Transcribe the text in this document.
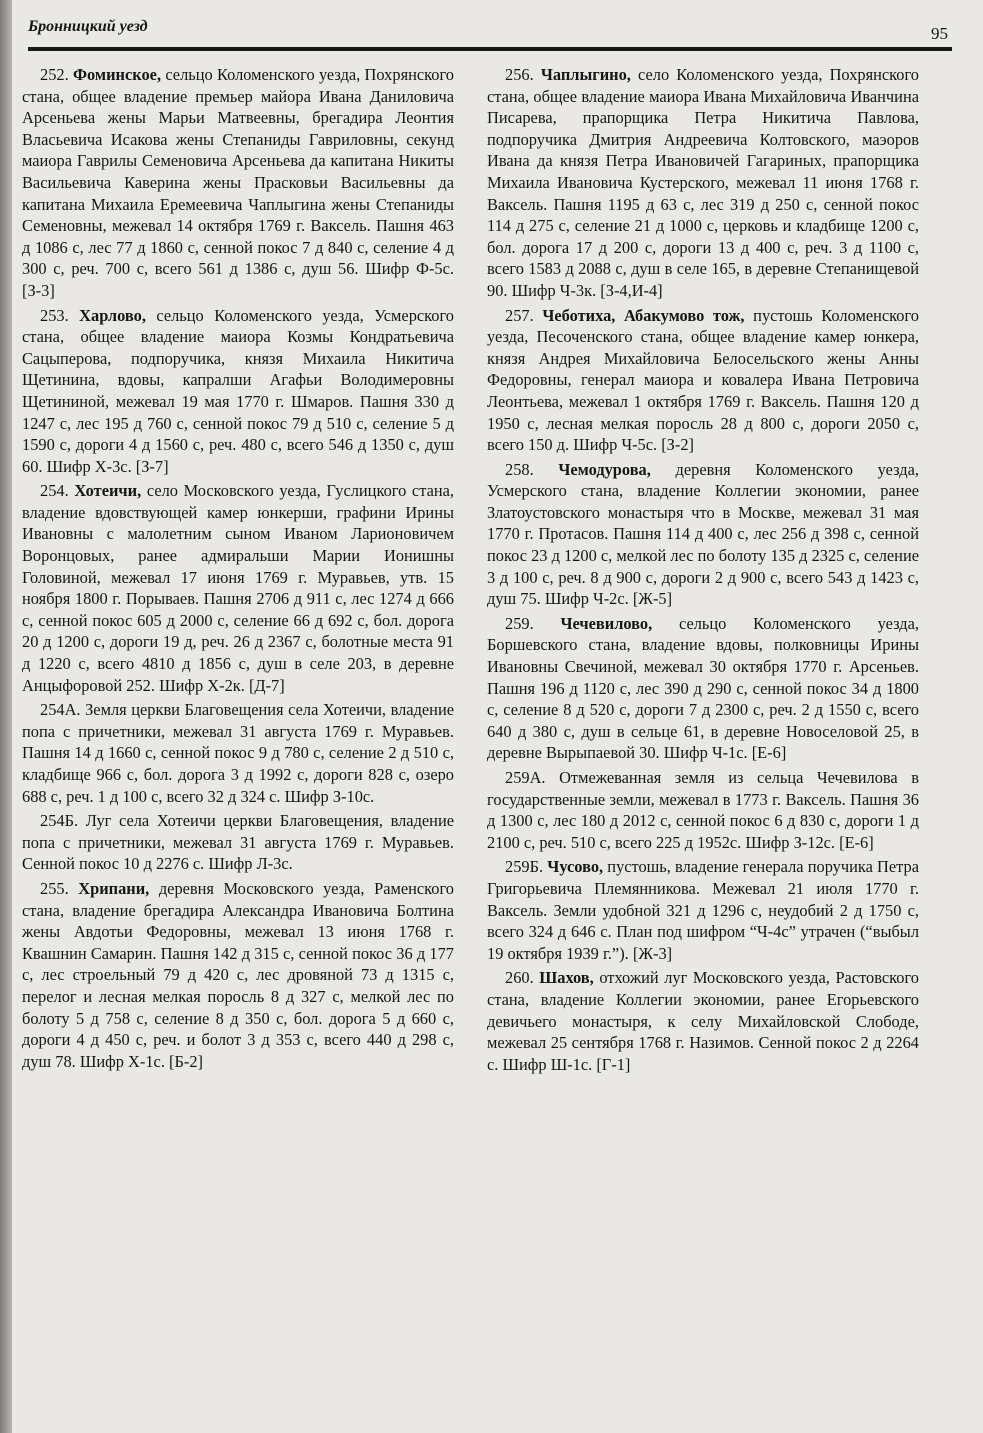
Бронницкий уезд	95

252. Фоминское, сельцо Коломенского уезда, Похрянского стана, общее владение премьер майора Ивана Даниловича Арсеньева жены Марьи Матвеевны, брегадира Леонтия Власьевича Исакова жены Степаниды Гавриловны, секунд маиора Гаврилы Семеновича Арсеньева да капитана Никиты Васильевича Каверина жены Прасковьи Васильевны да капитана Михаила Еремеевича Чаплыгина жены Степаниды Семеновны, межевал 14 октября 1769 г. Ваксель. Пашня 463 д 1086 с, лес 77 д 1860 с, сенной покос 7 д 840 с, селение 4 д 300 с, реч. 700 с, всего 561 д 1386 с, душ 56. Шифр Ф-5с. [З-3]

253. Харлово, сельцо Коломенского уезда, Усмерского стана, общее владение маиора Козмы Кондратьевича Сацыперова, подпоручика, князя Михаила Никитича Щетинина, вдовы, капралши Агафьи Володимеровны Щетининой, межевал 19 мая 1770 г. Шмаров. Пашня 330 д 1247 с, лес 195 д 760 с, сенной покос 79 д 510 с, селение 5 д 1590 с, дороги 4 д 1560 с, реч. 480 с, всего 546 д 1350 с, душ 60. Шифр Х-3с. [З-7]

254. Хотеичи, село Московского уезда, Гуслицкого стана, владение вдовствующей камер юнкерши, графини Ирины Ивановны с малолетним сыном Иваном Ларионовичем Воронцовых, ранее адмиральши Марии Ионишны Головиной, межевал 17 июня 1769 г. Муравьев, утв. 15 ноября 1800 г. Порываев. Пашня 2706 д 911 с, лес 1274 д 666 с, сенной покос 605 д 2000 с, селение 66 д 692 с, бол. дорога 20 д 1200 с, дороги 19 д, реч. 26 д 2367 с, болотные места 91 д 1220 с, всего 4810 д 1856 с, душ в селе 203, в деревне Анцыфоровой 252. Шифр Х-2к. [Д-7]

254А. Земля церкви Благовещения села Хотеичи, владение попа с причетники, межевал 31 августа 1769 г. Муравьев. Пашня 14 д 1660 с, сенной покос 9 д 780 с, селение 2 д 510 с, кладбище 966 с, бол. дорога 3 д 1992 с, дороги 828 с, озеро 688 с, реч. 1 д 100 с, всего 32 д 324 с. Шифр З-10с.

254Б. Луг села Хотеичи церкви Благовещения, владение попа с причетники, межевал 31 августа 1769 г. Муравьев. Сенной покос 10 д 2276 с. Шифр Л-3с.

255. Хрипани, деревня Московского уезда, Раменского стана, владение брегадира Александра Ивановича Болтина жены Авдотьи Федоровны, межевал 13 июня 1768 г. Квашнин Самарин. Пашня 142 д 315 с, сенной покос 36 д 177 с, лес строельный 79 д 420 с, лес дровяной 73 д 1315 с, перелог и лесная мелкая поросль 8 д 327 с, мелкой лес по болоту 5 д 758 с, селение 8 д 350 с, бол. дорога 5 д 660 с, дороги 4 д 450 с, реч. и болот 3 д 353 с, всего 440 д 298 с, душ 78. Шифр Х-1с. [Б-2]

256. Чаплыгино, село Коломенского уезда, Похрянского стана, общее владение маиора Ивана Михайловича Иванчина Писарева, прапорщика Петра Никитича Павлова, подпоручика Дмитрия Андреевича Колтовского, маэоров Ивана да князя Петра Ивановичей Гагариных, прапорщика Михаила Ивановича Кустерского, межевал 11 июня 1768 г. Ваксель. Пашня 1195 д 63 с, лес 319 д 250 с, сенной покос 114 д 275 с, селение 21 д 1000 с, церковь и кладбище 1200 с, бол. дорога 17 д 200 с, дороги 13 д 400 с, реч. 3 д 1100 с, всего 1583 д 2088 с, душ в селе 165, в деревне Степанищевой 90. Шифр Ч-3к. [З-4,И-4]

257. Чеботиха, Абакумово тож, пустошь Коломенского уезда, Песоченского стана, общее владение камер юнкера, князя Андрея Михайловича Белосельского жены Анны Федоровны, генерал маиора и ковалера Ивана Петровича Леонтьева, межевал 1 октября 1769 г. Ваксель. Пашня 120 д 1950 с, лесная мелкая поросль 28 д 800 с, дороги 2050 с, всего 150 д. Шифр Ч-5с. [З-2]

258. Чемодурова, деревня Коломенского уезда, Усмерского стана, владение Коллегии экономии, ранее Златоустовского монастыря что в Москве, межевал 31 мая 1770 г. Протасов. Пашня 114 д 400 с, лес 256 д 398 с, сенной покос 23 д 1200 с, мелкой лес по болоту 135 д 2325 с, селение 3 д 100 с, реч. 8 д 900 с, дороги 2 д 900 с, всего 543 д 1423 с, душ 75. Шифр Ч-2с. [Ж-5]

259. Чечевилово, сельцо Коломенского уезда, Боршевского стана, владение вдовы, полковницы Ирины Ивановны Свечиной, межевал 30 октября 1770 г. Арсеньев. Пашня 196 д 1120 с, лес 390 д 290 с, сенной покос 34 д 1800 с, селение 8 д 520 с, дороги 7 д 2300 с, реч. 2 д 1550 с, всего 640 д 380 с, душ в сельце 61, в деревне Новоселовой 25, в деревне Вырыпаевой 30. Шифр Ч-1с. [Е-6]

259А. Отмежеванная земля из сельца Чечевилова в государственные земли, межевал в 1773 г. Ваксель. Пашня 36 д 1300 с, лес 180 д 2012 с, сенной покос 6 д 830 с, дороги 1 д 2100 с, реч. 510 с, всего 225 д 1952с. Шифр З-12с. [Е-6]

259Б. Чусово, пустошь, владение генерала поручика Петра Григорьевича Племянникова. Межевал 21 июля 1770 г. Ваксель. Земли удобной 321 д 1296 с, неудобий 2 д 1750 с, всего 324 д 646 с. План под шифром “Ч-4с” утрачен (“выбыл 19 октября 1939 г.”). [Ж-3]

260. Шахов, отхожий луг Московского уезда, Растовского стана, владение Коллегии экономии, ранее Егорьевского девичьего монастыря, к селу Михайловской Слободе, межевал 25 сентября 1768 г. Назимов. Сенной покос 2 д 2264 с. Шифр Ш-1с. [Г-1]
